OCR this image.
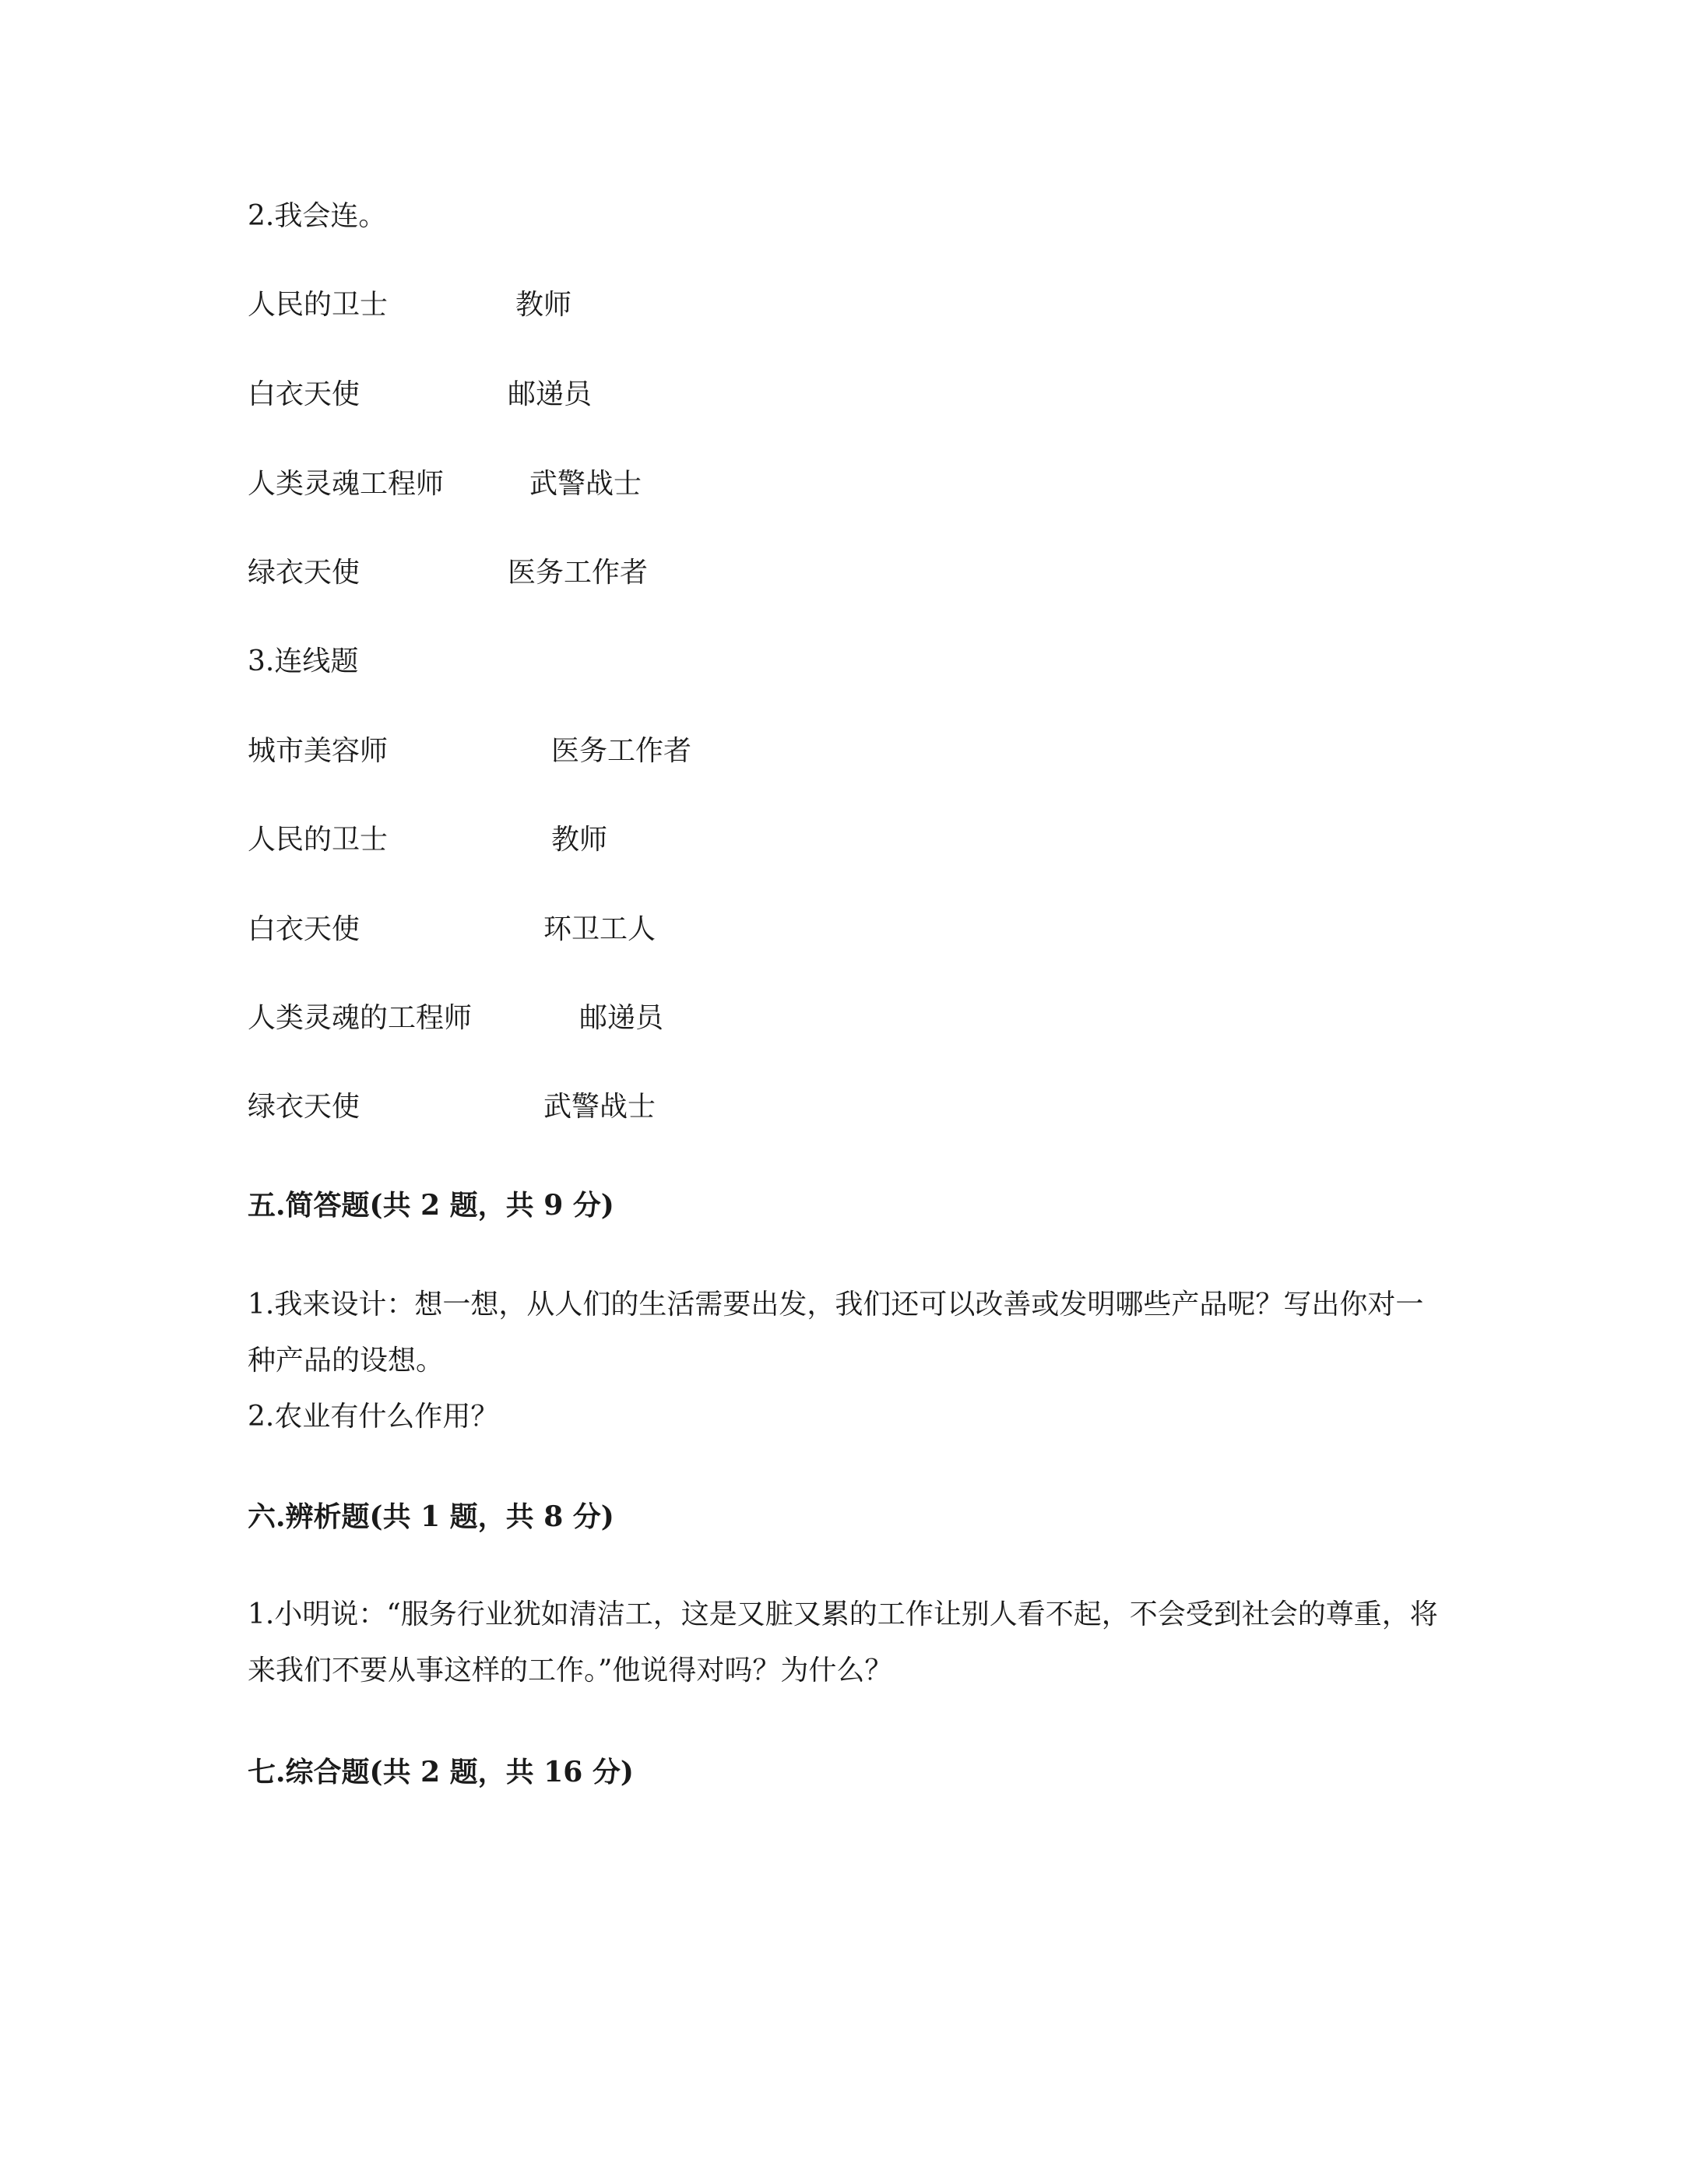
2.我会连。
人民的卫士	教师
白衣天使	邮递员
人类灵魂工程师	武警战士
绿衣天使	医务工作者
3.连线题
城市美容师	医务工作者
人民的卫士	教师
白衣天使	环卫工人
人类灵魂的工程师	邮递员
绿衣天使	武警战士
五.简答题(共 2 题，共 9 分)
1.我来设计：想一想，从人们的生活需要出发，我们还可以改善或发明哪些产品呢？写出你对一种产品的设想。
2.农业有什么作用？
六.辨析题(共 1 题，共 8 分)
1.小明说：“服务行业犹如清洁工，这是又脏又累的工作让别人看不起，不会受到社会的尊重，将来我们不要从事这样的工作。”他说得对吗？为什么？
七.综合题(共 2 题，共 16 分)
